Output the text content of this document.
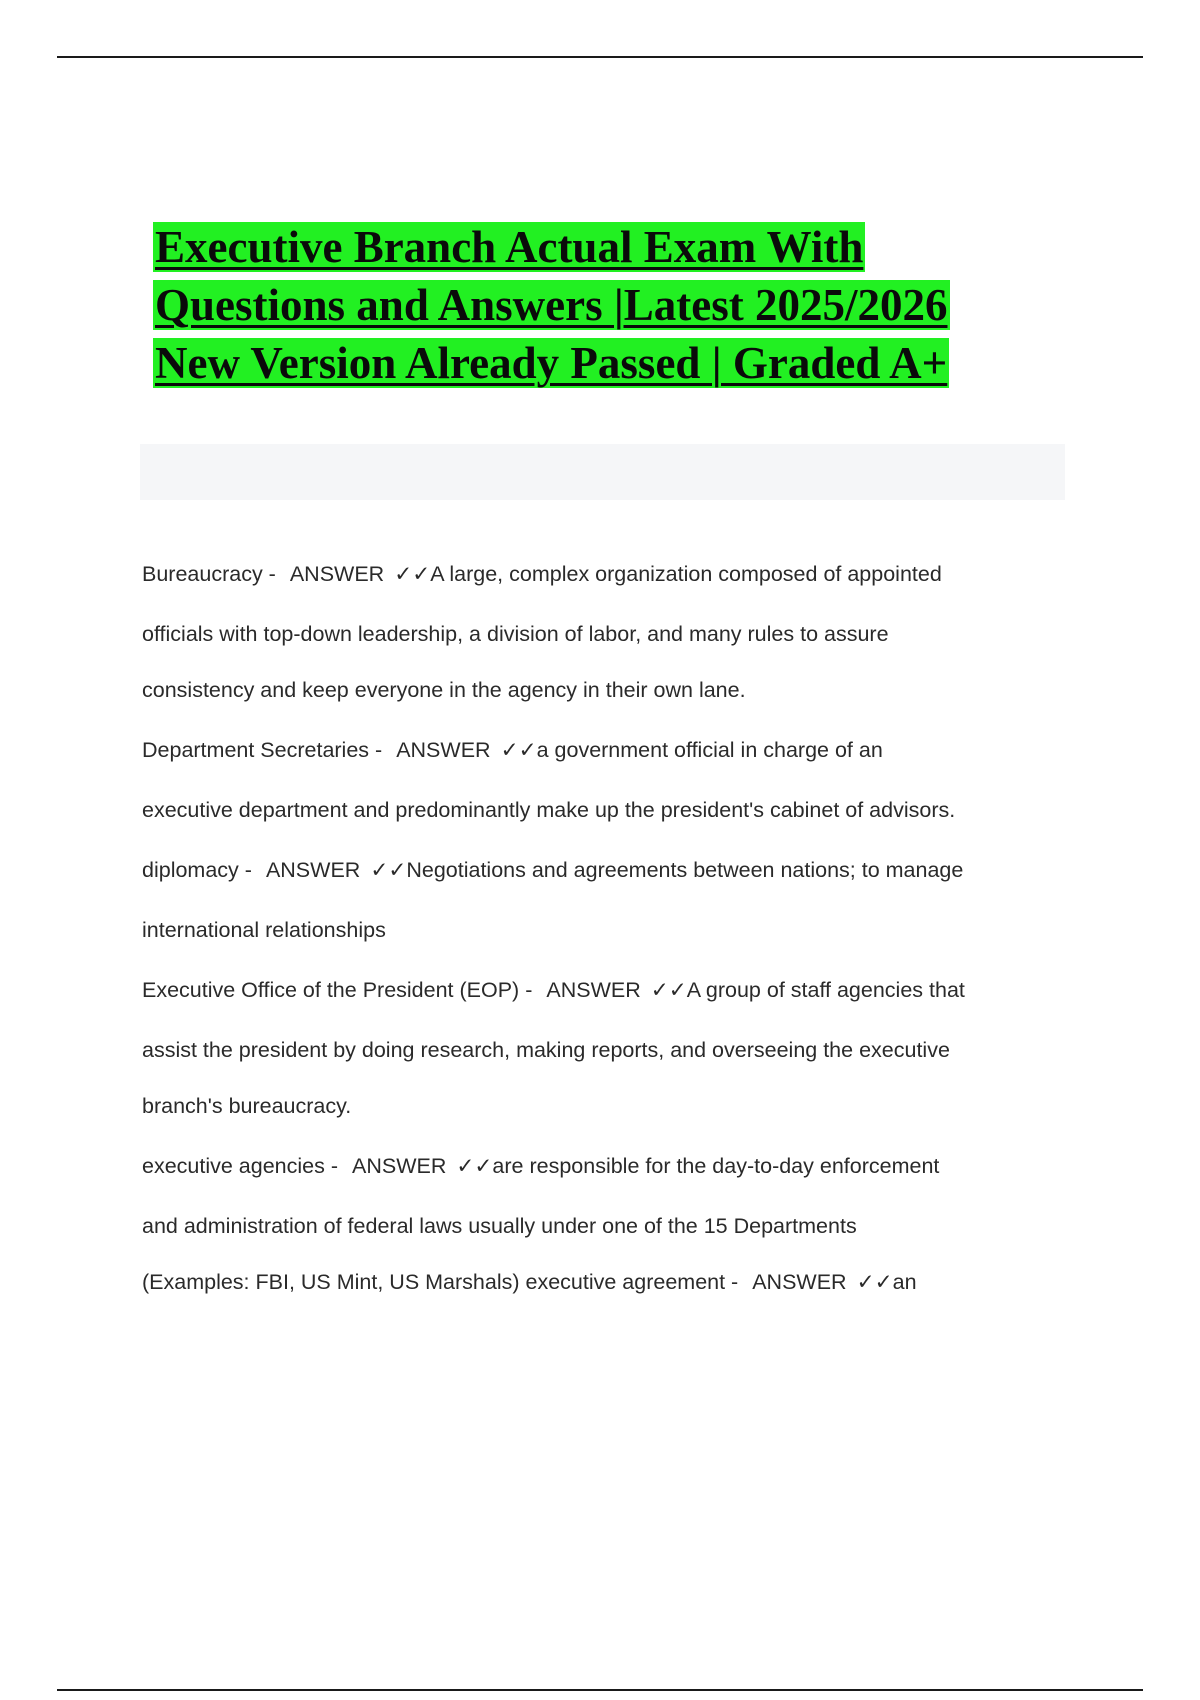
Executive Branch Actual Exam With
Questions and Answers |Latest 2025/2026
New Version Already Passed | Graded A+
Bureaucracy - ANSWER ✓✓A large, complex organization composed of appointed
officials with top-down leadership, a division of labor, and many rules to assure
consistency and keep everyone in the agency in their own lane.
Department Secretaries - ANSWER ✓✓a government official in charge of an
executive department and predominantly make up the president's cabinet of advisors.
diplomacy - ANSWER ✓✓Negotiations and agreements between nations; to manage
international relationships
Executive Office of the President (EOP) - ANSWER ✓✓A group of staff agencies that
assist the president by doing research, making reports, and overseeing the executive
branch's bureaucracy.
executive agencies - ANSWER ✓✓are responsible for the day-to-day enforcement
and administration of federal laws usually under one of the 15 Departments
(Examples: FBI, US Mint, US Marshals) executive agreement - ANSWER ✓✓an
